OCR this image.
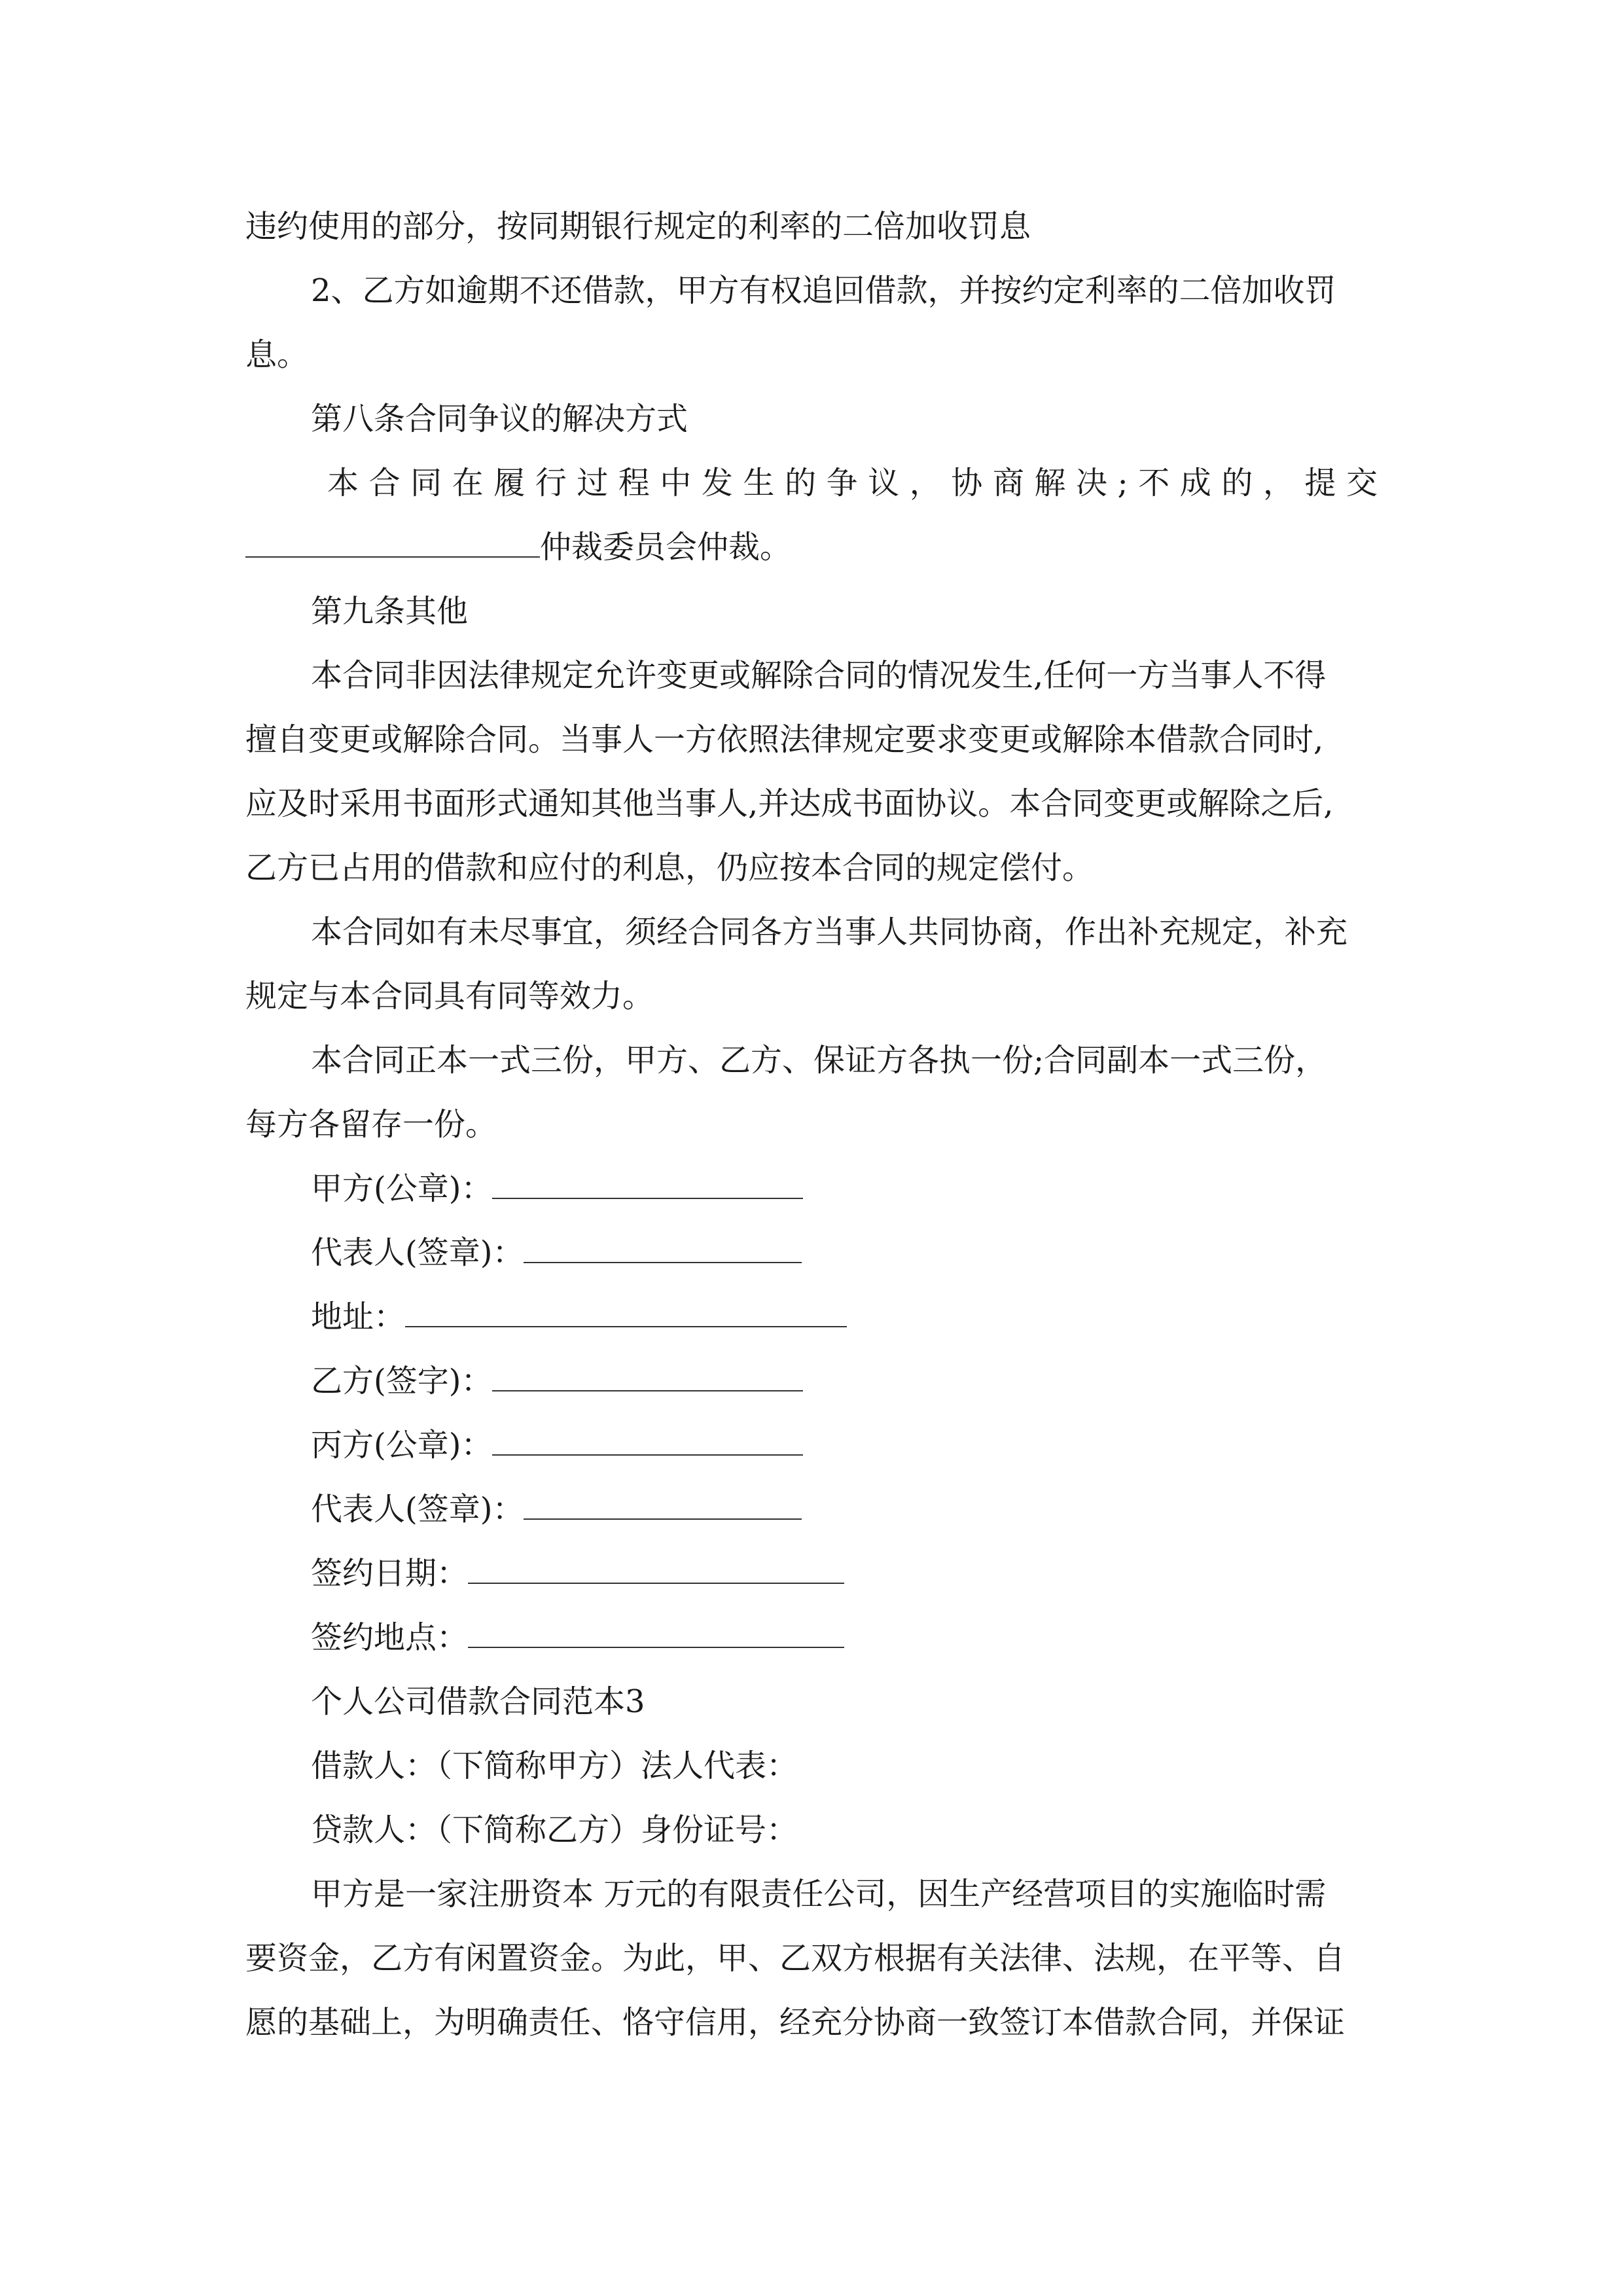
违约使用的部分，按同期银行规定的利率的二倍加收罚息
2、乙方如逾期不还借款，甲方有权追回借款，并按约定利率的二倍加收罚
息。
第八条合同争议的解决方式
本合同在履行过程中发生的争议，协商解决;不成的，提交
仲裁委员会仲裁。
第九条其他
本合同非因法律规定允许变更或解除合同的情况发生,任何一方当事人不得
擅自变更或解除合同。当事人一方依照法律规定要求变更或解除本借款合同时,
应及时采用书面形式通知其他当事人,并达成书面协议。本合同变更或解除之后,
乙方已占用的借款和应付的利息，仍应按本合同的规定偿付。
本合同如有未尽事宜，须经合同各方当事人共同协商，作出补充规定，补充
规定与本合同具有同等效力。
本合同正本一式三份，甲方、乙方、保证方各执一份;合同副本一式三份，
每方各留存一份。
甲方(公章)：
代表人(签章)：
地址：
乙方(签字)：
丙方(公章)：
代表人(签章)：
签约日期：
签约地点：
个人公司借款合同范本3
借款人：（下简称甲方）法人代表：
贷款人：（下简称乙方）身份证号：
甲方是一家注册资本 万元的有限责任公司，因生产经营项目的实施临时需
要资金，乙方有闲置资金。为此，甲、乙双方根据有关法律、法规，在平等、自
愿的基础上，为明确责任、恪守信用，经充分协商一致签订本借款合同，并保证
